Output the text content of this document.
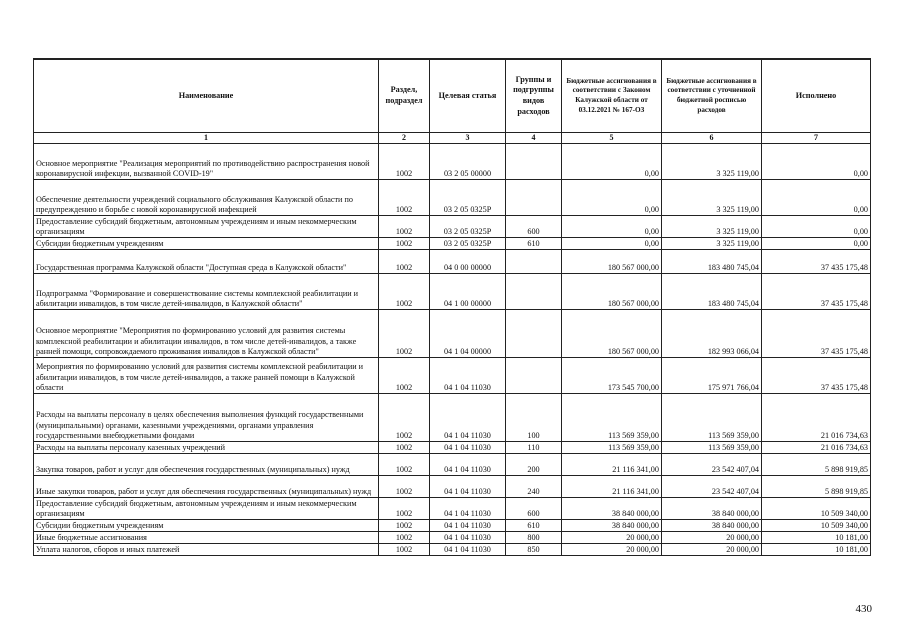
Наименование	Раздел, подраздел	Целевая статья	Группы и подгруппы видов расходов	Бюджетные ассигнования в соответствии с Законом Калужской области от 03.12.2021 № 167-ОЗ	Бюджетные ассигнования в соответствии с уточненной бюджетной росписью расходов	Исполнено
1	2	3	4	5	6	7
Основное мероприятие "Реализация мероприятий по противодействию распространения новой коронавирусной инфекции, вызванной COVID-19"	1002	03 2 05 00000		0,00	3 325 119,00	0,00
Обеспечение деятельности учреждений социального обслуживания Калужской области по предупреждению и борьбе с новой коронавирусной инфекцией	1002	03 2 05 0325Р		0,00	3 325 119,00	0,00
Предоставление субсидий бюджетным, автономным учреждениям и иным некоммерческим организациям	1002	03 2 05 0325Р	600	0,00	3 325 119,00	0,00
Субсидии бюджетным учреждениям	1002	03 2 05 0325Р	610	0,00	3 325 119,00	0,00
Государственная программа Калужской области "Доступная среда в Калужской области"	1002	04 0 00 00000		180 567 000,00	183 480 745,04	37 435 175,48
Подпрограмма "Формирование и совершенствование системы комплексной реабилитации и абилитации инвалидов, в том числе детей-инвалидов, в Калужской области"	1002	04 1 00 00000		180 567 000,00	183 480 745,04	37 435 175,48
Основное мероприятие "Мероприятия по формированию условий для развития системы комплексной реабилитации и абилитации инвалидов, в том числе детей-инвалидов, а также ранней помощи, сопровождаемого проживания инвалидов в Калужской области"	1002	04 1 04 00000		180 567 000,00	182 993 066,04	37 435 175,48
Мероприятия по формированию условий для развития системы комплексной реабилитации и абилитации инвалидов, в том числе детей-инвалидов, а также ранней помощи в Калужской области	1002	04 1 04 11030		173 545 700,00	175 971 766,04	37 435 175,48
Расходы на выплаты персоналу в целях обеспечения выполнения функций государственными (муниципальными) органами, казенными учреждениями, органами управления государственными внебюджетными фондами	1002	04 1 04 11030	100	113 569 359,00	113 569 359,00	21 016 734,63
Расходы на выплаты персоналу казенных учреждений	1002	04 1 04 11030	110	113 569 359,00	113 569 359,00	21 016 734,63
Закупка товаров, работ и услуг для обеспечения государственных (муниципальных) нужд	1002	04 1 04 11030	200	21 116 341,00	23 542 407,04	5 898 919,85
Иные закупки товаров, работ и услуг для обеспечения государственных (муниципальных) нужд	1002	04 1 04 11030	240	21 116 341,00	23 542 407,04	5 898 919,85
Предоставление субсидий бюджетным, автономным учреждениям и иным некоммерческим организациям	1002	04 1 04 11030	600	38 840 000,00	38 840 000,00	10 509 340,00
Субсидии бюджетным учреждениям	1002	04 1 04 11030	610	38 840 000,00	38 840 000,00	10 509 340,00
Иные бюджетные ассигнования	1002	04 1 04 11030	800	20 000,00	20 000,00	10 181,00
Уплата налогов, сборов и иных платежей	1002	04 1 04 11030	850	20 000,00	20 000,00	10 181,00
430
